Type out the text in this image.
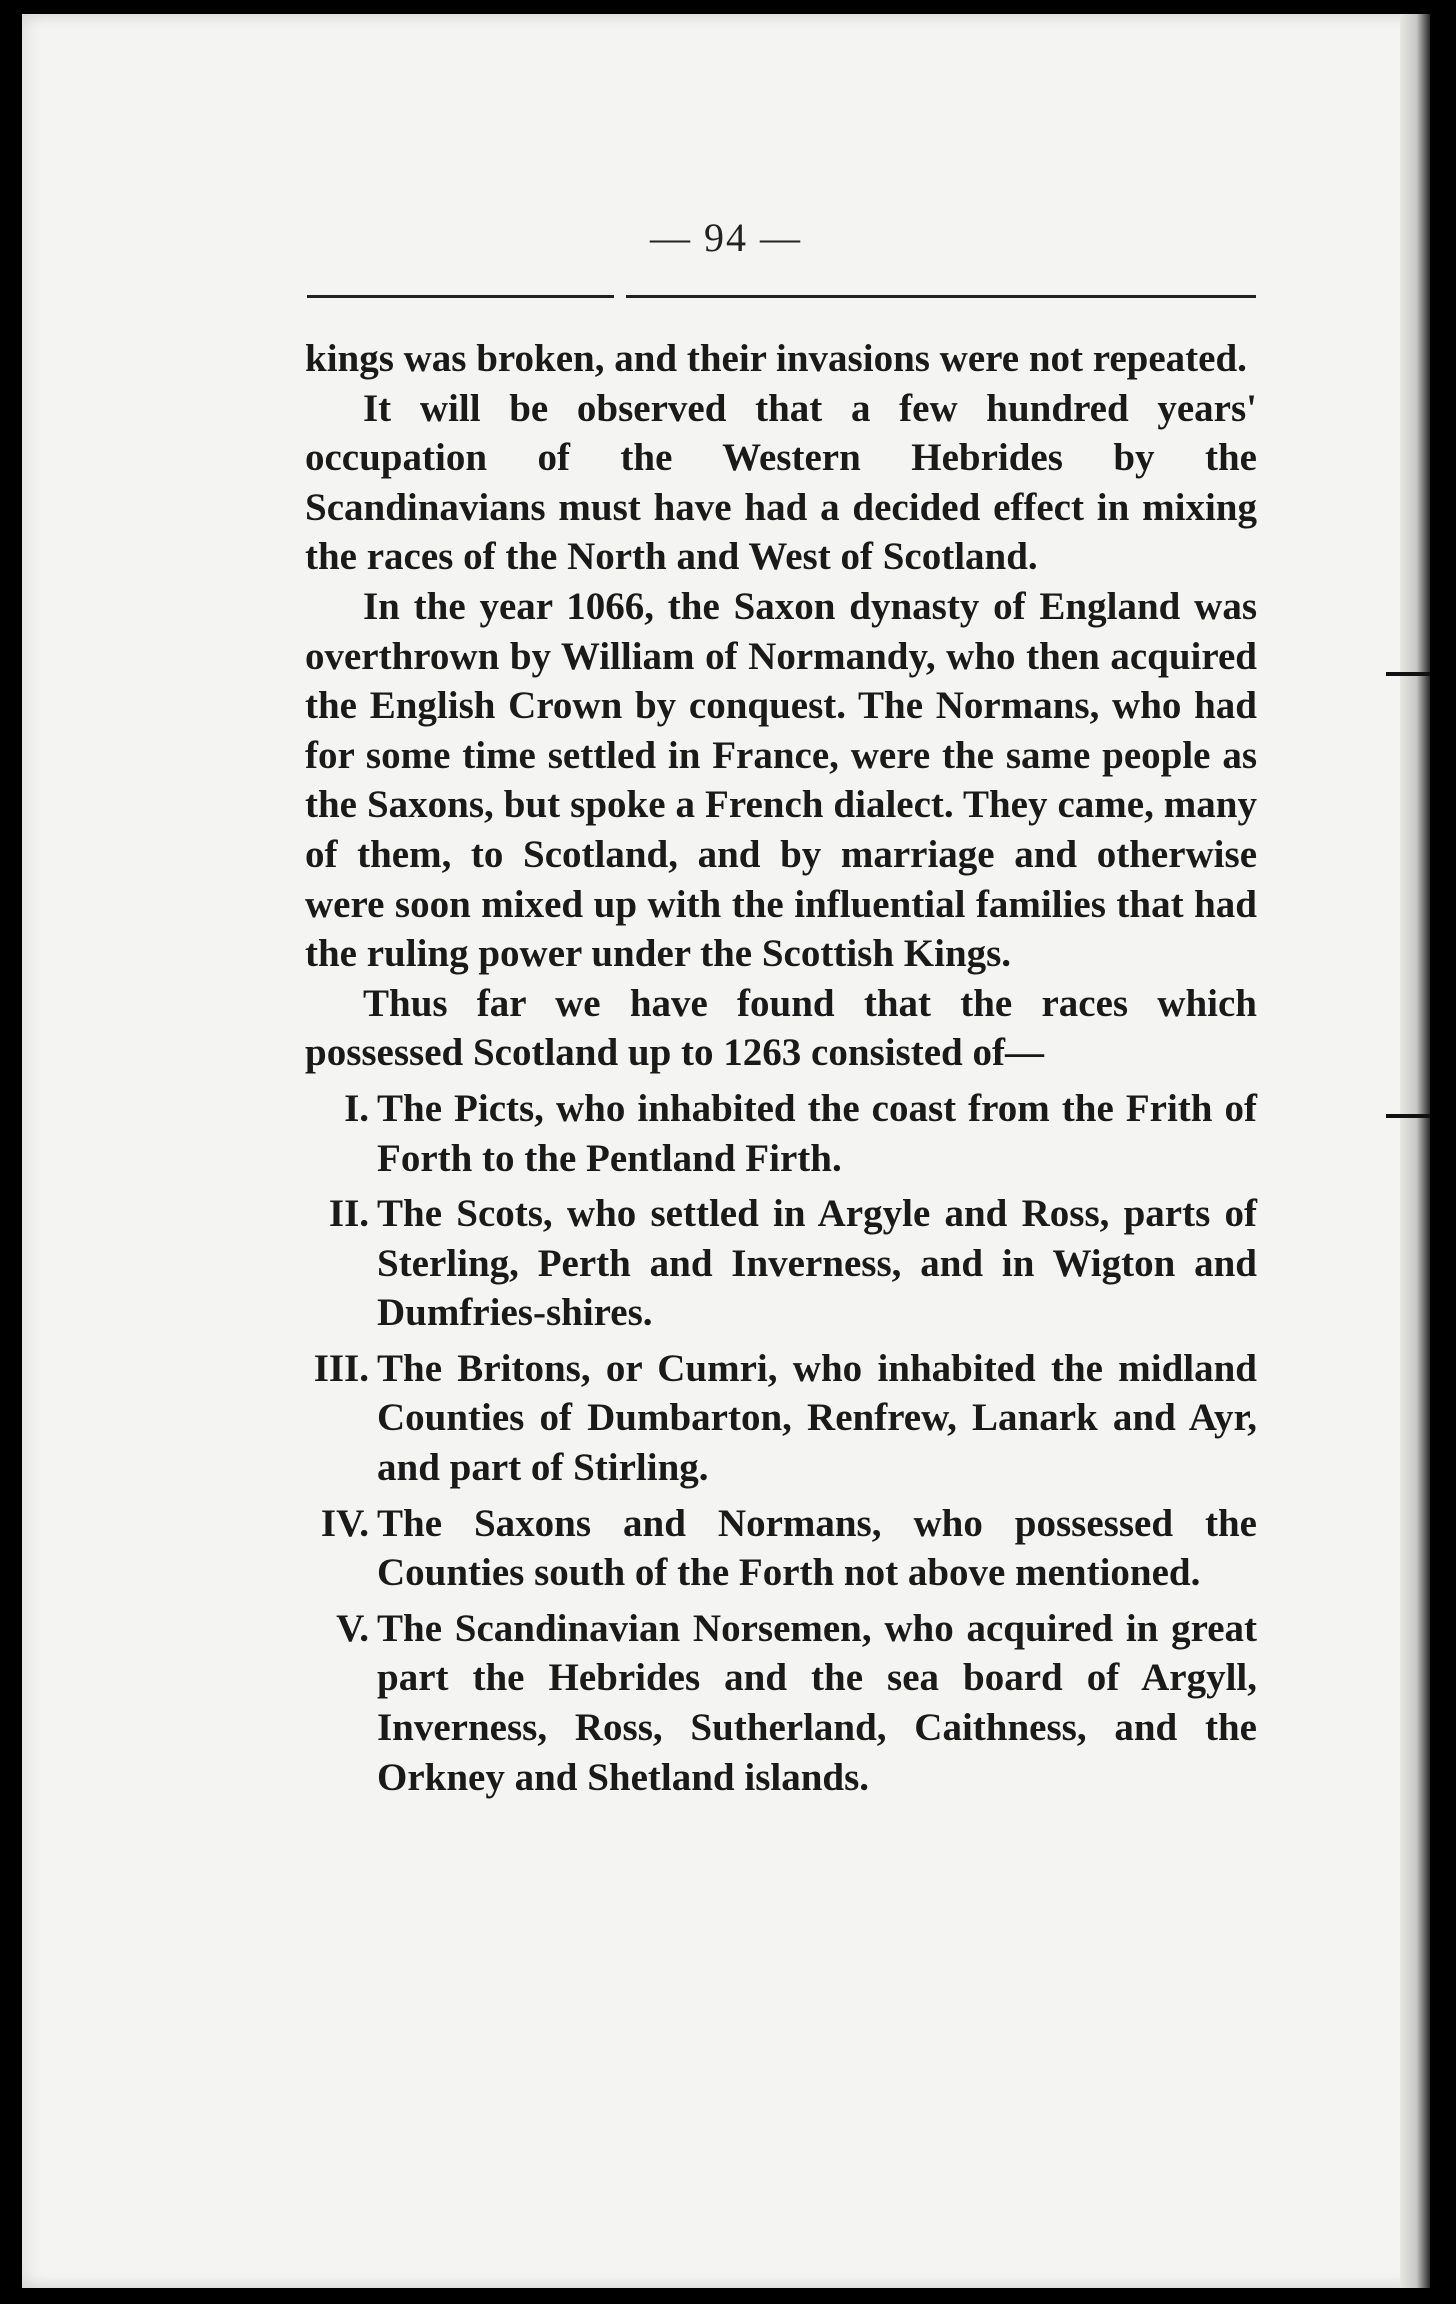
— 94 —

kings was broken, and their invasions were not repeated.

It will be observed that a few hundred years' occupation of the Western Hebrides by the Scandinavians must have had a decided effect in mixing the races of the North and West of Scotland.

In the year 1066, the Saxon dynasty of England was overthrown by William of Normandy, who then acquired the English Crown by conquest. The Normans, who had for some time settled in France, were the same people as the Saxons, but spoke a French dialect. They came, many of them, to Scotland, and by marriage and otherwise were soon mixed up with the influential families that had the ruling power under the Scottish Kings.

Thus far we have found that the races which possessed Scotland up to 1263 consisted of—

I. The Picts, who inhabited the coast from the Frith of Forth to the Pentland Firth.
II. The Scots, who settled in Argyle and Ross, parts of Sterling, Perth and Inverness, and in Wigton and Dumfries-shires.
III. The Britons, or Cumri, who inhabited the midland Counties of Dumbarton, Renfrew, Lanark and Ayr, and part of Stirling.
IV. The Saxons and Normans, who possessed the Counties south of the Forth not above mentioned.
V. The Scandinavian Norsemen, who acquired in great part the Hebrides and the sea board of Argyll, Inverness, Ross, Sutherland, Caithness, and the Orkney and Shetland islands.
